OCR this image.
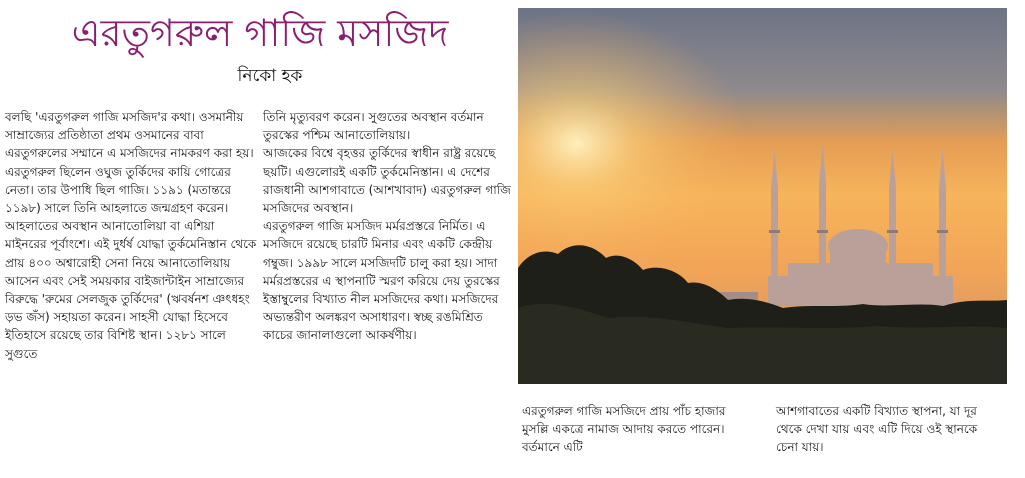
এরতুগরুল গাজি মসজিদ
নিকো হক

বলছি 'এরতুগরুল গাজি মসজিদ'র কথা। ওসমানীয় সাম্রাজ্যের প্রতিষ্ঠাতা প্রথম ওসমানের বাবা এরতুগরুলের সম্মানে এ মসজিদের নামকরণ করা হয়। এরতুগরুল ছিলেন ওঘুজ তুর্কিদের কায়ি গোত্রের নেতা। তার উপাধি ছিল গাজি। ১১৯১ (মতান্তরে ১১৯৮) সালে তিনি আহলাতে জন্মগ্রহণ করেন। আহলাতের অবস্থান আনাতোলিয়া বা এশিয়া মাইনরের পূর্বাংশে। এই দুর্ধর্ষ যোদ্ধা তুর্কমেনিস্তান থেকে প্রায় ৪০০ অশ্বারোহী সেনা নিয়ে আনাতোলিয়ায় আসেন এবং সেই সময়কার বাইজান্টাইন সাম্রাজ্যের বিরুদ্ধে 'রুমের সেলজুক তুর্কিদের' (ঋবর্ষনশ ঞৎধহং ড়ভ জঁস) সহায়তা করেন। সাহসী যোদ্ধা হিসেবে ইতিহাসে রয়েছে তার বিশিষ্ট স্থান। ১২৮১ সালে সুগুতে

তিনি মৃত্যুবরণ করেন। সুগুতের অবস্থান বর্তমান তুরস্কের পশ্চিম আনাতোলিয়ায়।

আজকের বিশ্বে বৃহত্তর তুর্কিদের স্বাধীন রাষ্ট্র রয়েছে ছয়টি। এগুলোরই একটি তুর্কমেনিস্তান। এ দেশের রাজধানী আশগাবাতে (আশখাবাদ) এরতুগরুল গাজি মসজিদের অবস্থান।

এরতুগরুল গাজি মসজিদ মর্মরপ্রস্তরে নির্মিত। এ মসজিদে রয়েছে চারটি মিনার এবং একটি কেন্দ্রীয় গম্বুজ। ১৯৯৮ সালে মসজিদটি চালু করা হয়। সাদা মর্মরপ্রস্তরের এ স্থাপনাটি স্মরণ করিয়ে দেয় তুরস্কের ইস্তাম্বুলের বিখ্যাত নীল মসজিদের কথা। মসজিদের অভ্যন্তরীণ অলঙ্করণ অসাধারণ। স্বচ্ছ রঙমিশ্রিত কাচের জানালাগুলো আকর্ষণীয়।

এরতুগরুল গাজি মসজিদে প্রায় পাঁচ হাজার মুসল্লি একত্রে নামাজ আদায় করতে পারেন। বর্তমানে এটি
আশগাবাতের একটি বিখ্যাত স্থাপনা, যা দূর থেকে দেখা যায় এবং এটি দিয়ে ওই স্থানকে চেনা যায়।
